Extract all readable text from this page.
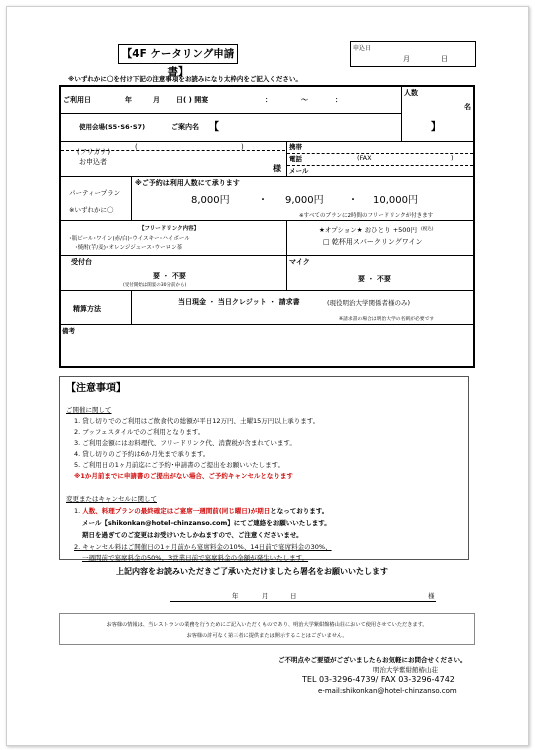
【4F ケータリング申請書】
申込日
月	日
※いずれかに〇を付け下記の注意事項をお読みになり太枠内をご記入ください。
ご利用日	年	月 日( ) 開宴	：	～	：
人数
名
使用会場(S5･S6･S7)	ご案内名 【	】
(フリガナ)
(	)
お申込者
様
携帯
電話	(FAX	)
メール
パーティープラン
※いずれかに〇
※ご予約は利用人数にて承ります
8,000円	・ 9,000円 ・ 10,000円
※すべてのプランに2時間のフリードリンクが付きます
【フリードリンク内容】
･瓶ビール･ワイン(赤/白)･ウイスキー･ハイボール
･焼酎(芋/麦)･オレンジジュース･ウーロン茶
★オプション★ おひとり +500円 (税込)
□ 乾杯用スパークリングワイン
受付台
要 ・ 不要
(受付開始は開宴の30分前から)
マイク
要 ・ 不要
精算方法
当日現金 ・ 当日クレジット ・ 請求書	(現役明治大学関係者様のみ)
※請求書の場合は明治大学の名刺が必要です
備考
【注意事項】
ご開催に関して
1. 貸し切りでのご利用はご飲食代の総額が平日12万円、土曜15万円以上承ります。
2. ブッフェスタイルでのご利用となります。
3. ご利用金額にはお料理代、フリードリンク代、消費税が含まれています。
4. 貸し切りのご予約は6か月先まで承ります。
5. ご利用日の1ヶ月前迄にご予約･申請書のご提出をお願いいたします。
※1か月前までに申請書のご提出がない場合、ご予約キャンセルとなります
変更またはキャンセルに関して
1. 人数、料理プランの最終確定はご宴席一週間前(同じ曜日)が期日となっております。
メール【shikonkan@hotel-chinzanso.com】にてご連絡をお願いいたします。
期日を過ぎてのご変更はお受けいたしかねますので、ご注意くださいませ。
2. キャンセル料はご開催日の1ヶ月前から宴席料金の10%、14日前で宴席料金の30%、
一週間前で宴席料金の50%、3営業日前で宴席料金の全額が発生いたします。
上記内容をお読みいただきご了承いただけましたら署名をお願いいたします
年	月	日	様
お客様の情報は、当レストランの業務を行うためにご記入いただくものであり、明治大学紫紺館椿山荘において使用させていただきます。
お客様の許可なく第三者に提供または開示することはございません。
ご不明点やご要望がございましたらお気軽にお問合せください。
明治大学紫紺館椿山荘
TEL 03-3296-4739/ FAX 03-3296-4742
e-mail:shikonkan@hotel-chinzanso.com
